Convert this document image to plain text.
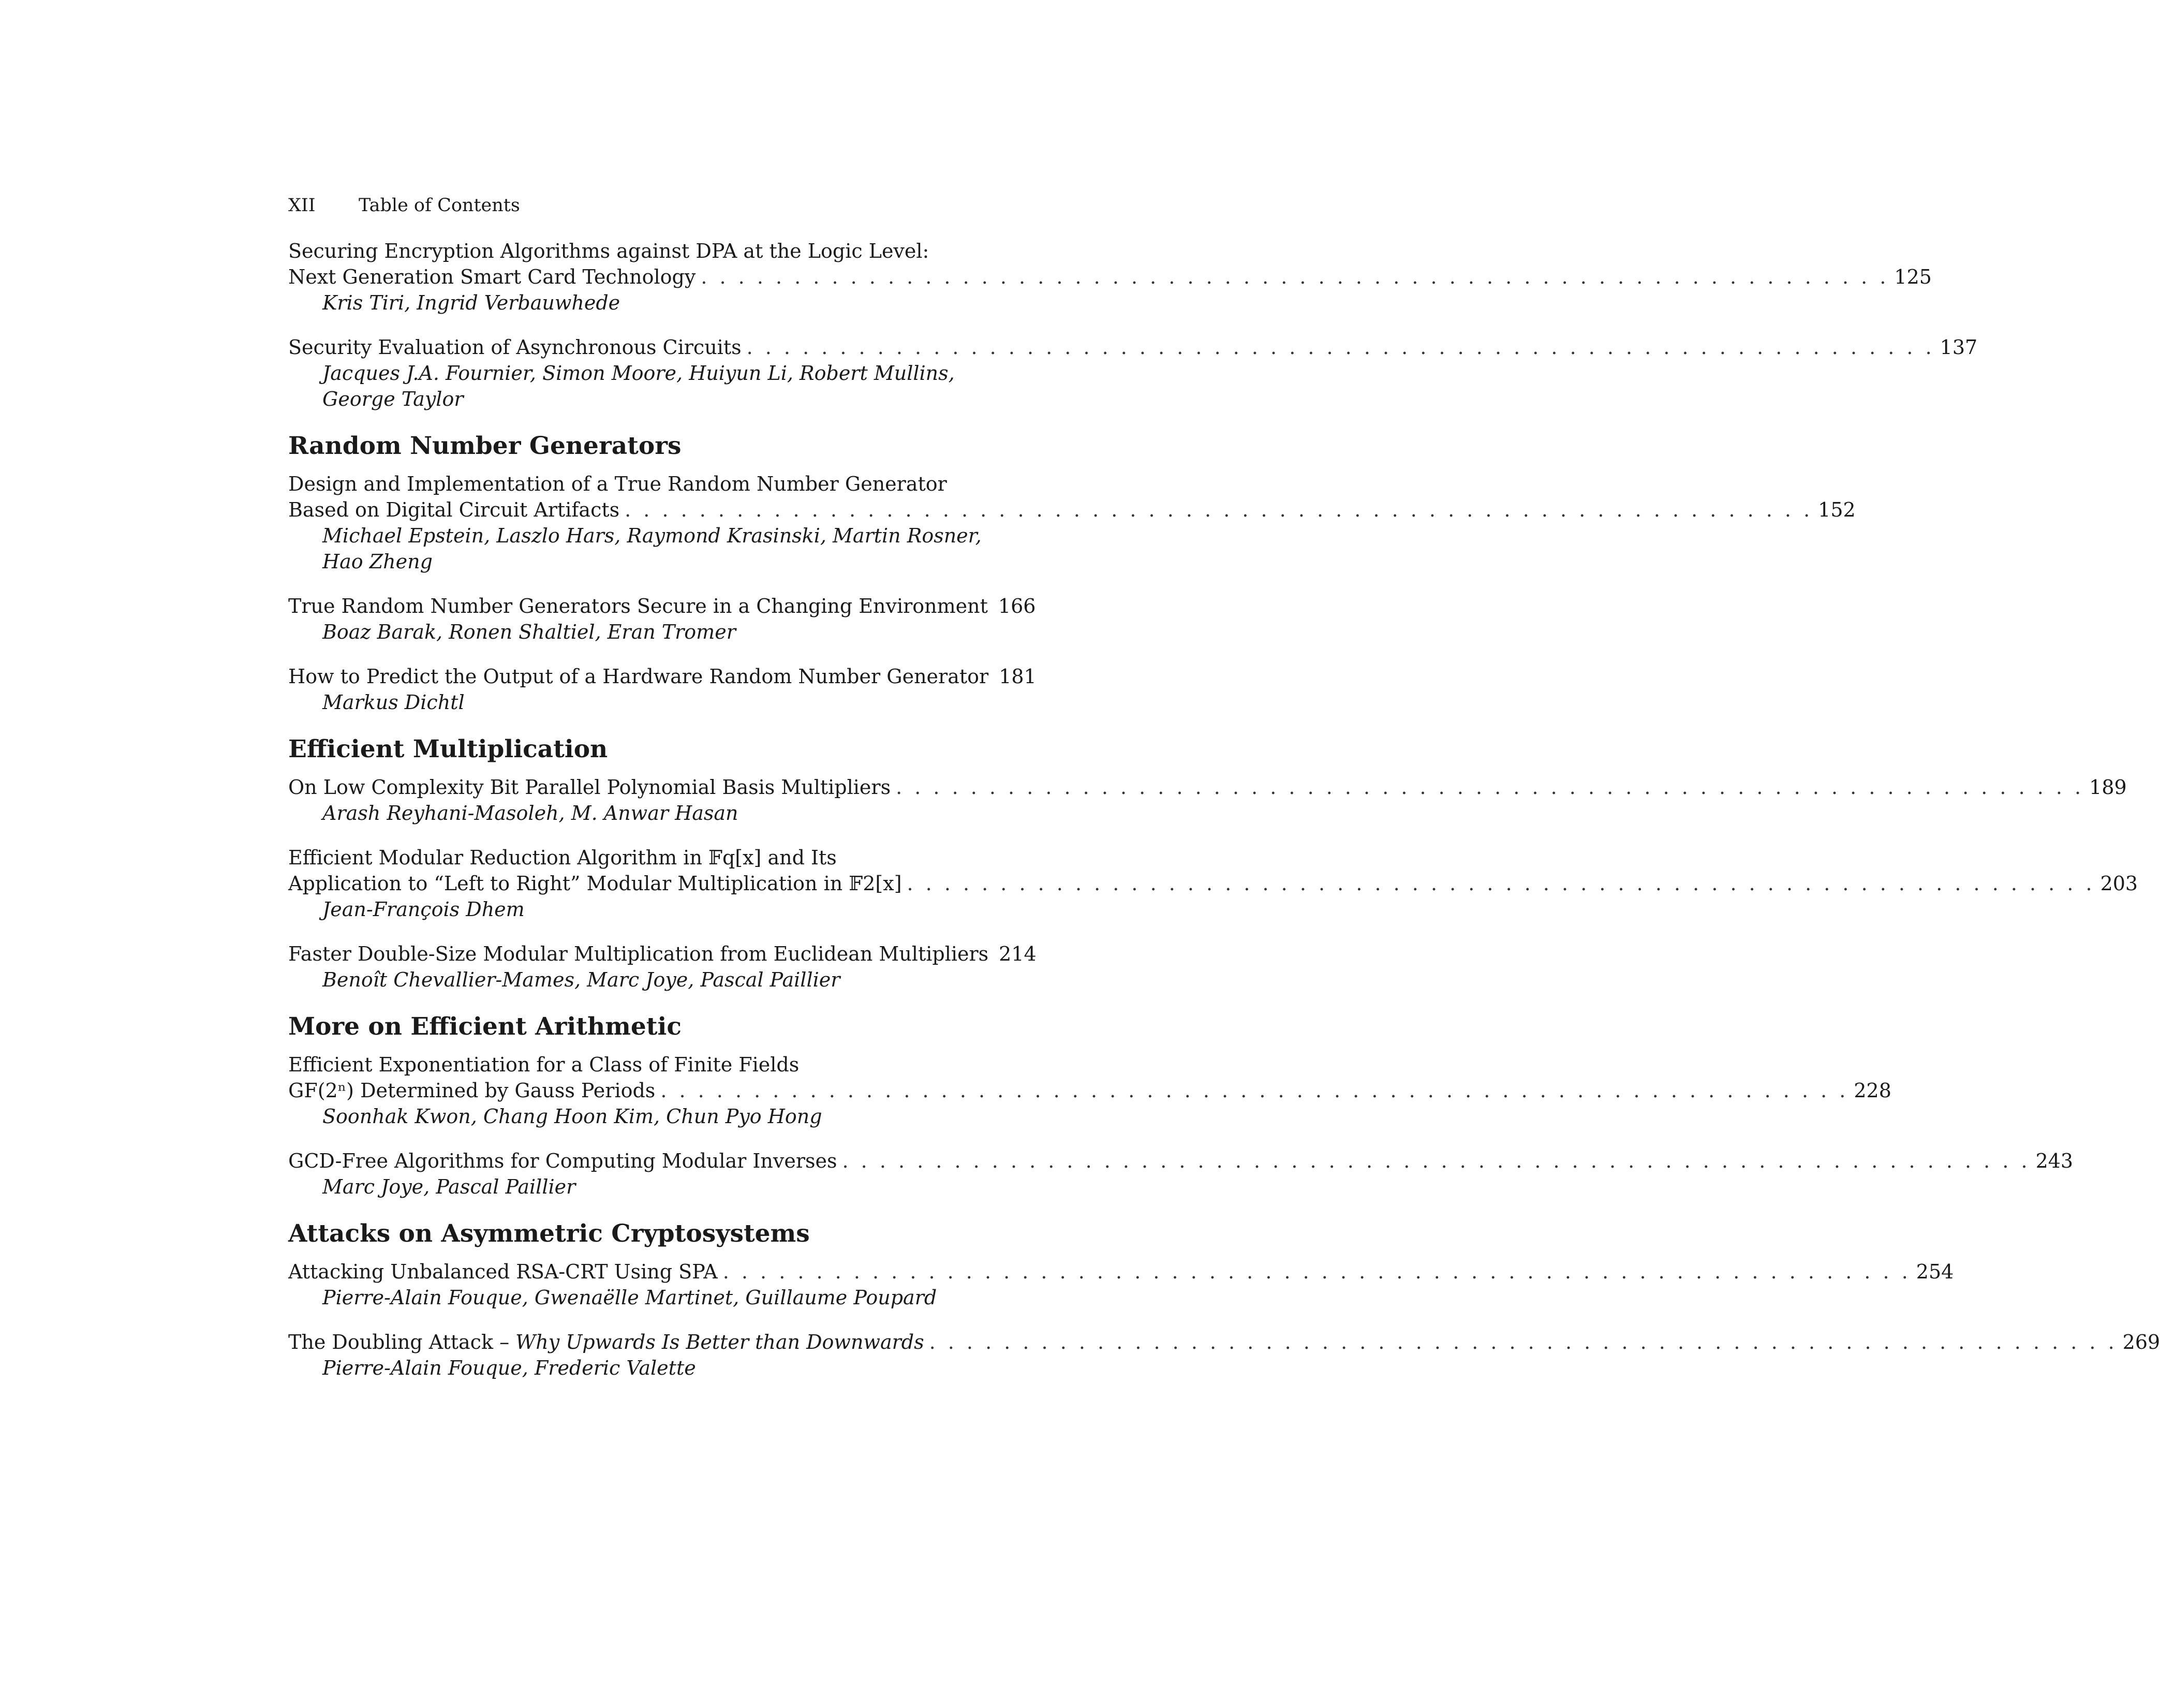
XII	Table of Contents
Securing Encryption Algorithms against DPA at the Logic Level:
Next Generation Smart Card Technology . . . . . . . . . . . . . . . . . . . . . . . . . . . . . . . . . . . . . . . . . . . . . . . . . . . . . . . . . . . . . . . . 125
Kris Tiri, Ingrid Verbauwhede
Security Evaluation of Asynchronous Circuits . . . . . . . . . . . . . . . . . . . . . . . . . . . . . . . . . . . . . . . . . . . . . . . . . . . . . . . . . . . . . . . . 137
Jacques J.A. Fournier, Simon Moore, Huiyun Li, Robert Mullins,
George Taylor
Random Number Generators
Design and Implementation of a True Random Number Generator
Based on Digital Circuit Artifacts . . . . . . . . . . . . . . . . . . . . . . . . . . . . . . . . . . . . . . . . . . . . . . . . . . . . . . . . . . . . . . . . 152
Michael Epstein, Laszlo Hars, Raymond Krasinski, Martin Rosner,
Hao Zheng
True Random Number Generators Secure in a Changing Environment 166
Boaz Barak, Ronen Shaltiel, Eran Tromer
How to Predict the Output of a Hardware Random Number Generator 181
Markus Dichtl
Efficient Multiplication
On Low Complexity Bit Parallel Polynomial Basis Multipliers . . . . . . . . . . . . . . . . . . . . . . . . . . . . . . . . . . . . . . . . . . . . . . . . . . . . . . . . . . . . . . . . 189
Arash Reyhani-Masoleh, M. Anwar Hasan
Efficient Modular Reduction Algorithm in 𝔽q[x] and Its
Application to “Left to Right” Modular Multiplication in 𝔽2[x] . . . . . . . . . . . . . . . . . . . . . . . . . . . . . . . . . . . . . . . . . . . . . . . . . . . . . . . . . . . . . . . . 203
Jean-François Dhem
Faster Double-Size Modular Multiplication from Euclidean Multipliers 214
Benoît Chevallier-Mames, Marc Joye, Pascal Paillier
More on Efficient Arithmetic
Efficient Exponentiation for a Class of Finite Fields
GF(2ⁿ) Determined by Gauss Periods . . . . . . . . . . . . . . . . . . . . . . . . . . . . . . . . . . . . . . . . . . . . . . . . . . . . . . . . . . . . . . . . 228
Soonhak Kwon, Chang Hoon Kim, Chun Pyo Hong
GCD-Free Algorithms for Computing Modular Inverses . . . . . . . . . . . . . . . . . . . . . . . . . . . . . . . . . . . . . . . . . . . . . . . . . . . . . . . . . . . . . . . . 243
Marc Joye, Pascal Paillier
Attacks on Asymmetric Cryptosystems
Attacking Unbalanced RSA-CRT Using SPA . . . . . . . . . . . . . . . . . . . . . . . . . . . . . . . . . . . . . . . . . . . . . . . . . . . . . . . . . . . . . . . . 254
Pierre-Alain Fouque, Gwenaëlle Martinet, Guillaume Poupard
The Doubling Attack – Why Upwards Is Better than Downwards . . . . . . . . . . . . . . . . . . . . . . . . . . . . . . . . . . . . . . . . . . . . . . . . . . . . . . . . . . . . . . . . 269
Pierre-Alain Fouque, Frederic Valette
